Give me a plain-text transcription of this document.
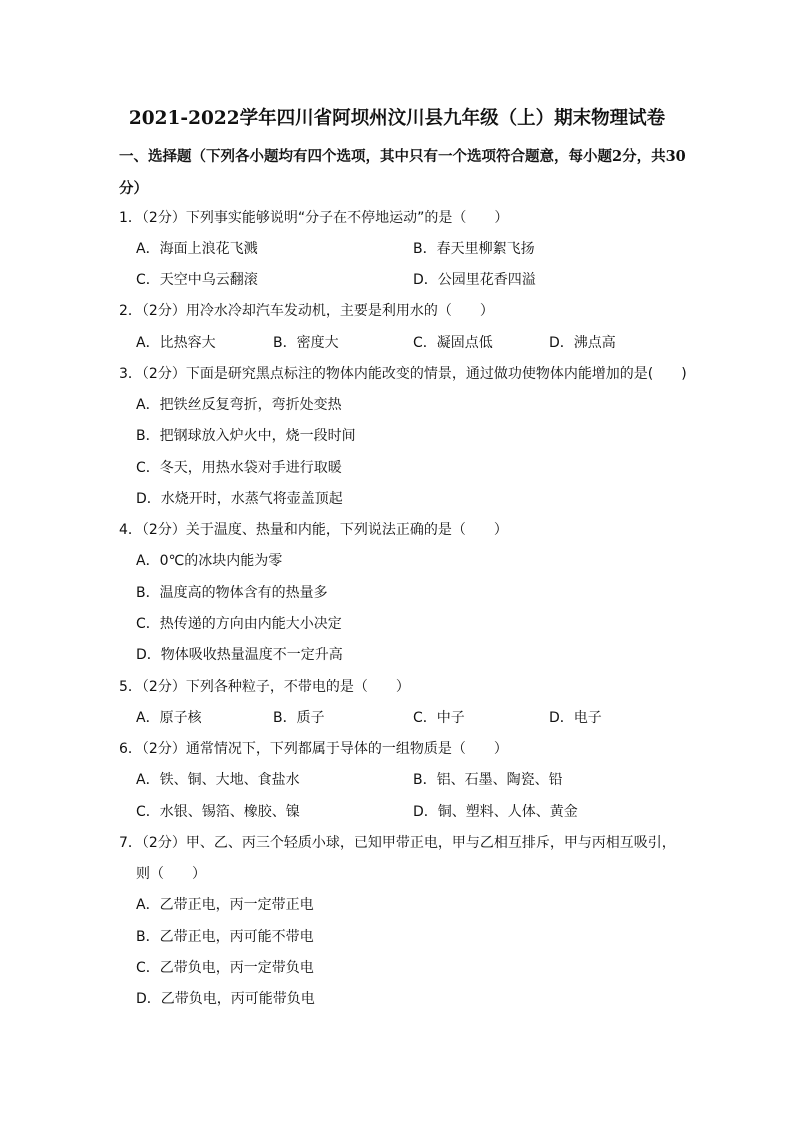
2021-2022学年四川省阿坝州汶川县九年级（上）期末物理试卷
一、选择题（下列各小题均有四个选项，其中只有一个选项符合题意，每小题2分，共30
分）
1．（2分）下列事实能够说明“分子在不停地运动”的是（　　）
A．海面上浪花飞溅	B．春天里柳絮飞扬
C．天空中乌云翻滚	D．公园里花香四溢
2．（2分）用冷水冷却汽车发动机，主要是利用水的（　　）
A．比热容大	B．密度大	C．凝固点低	D．沸点高
3．（2分）下面是研究黑点标注的物体内能改变的情景，通过做功使物体内能增加的是(　　)
A．把铁丝反复弯折，弯折处变热
B．把钢球放入炉火中，烧一段时间
C．冬天，用热水袋对手进行取暖
D．水烧开时，水蒸气将壶盖顶起
4．（2分）关于温度、热量和内能，下列说法正确的是（　　）
A．0℃的冰块内能为零
B．温度高的物体含有的热量多
C．热传递的方向由内能大小决定
D．物体吸收热量温度不一定升高
5．（2分）下列各种粒子，不带电的是（　　）
A．原子核	B．质子	C．中子	D．电子
6．（2分）通常情况下，下列都属于导体的一组物质是（　　）
A．铁、铜、大地、食盐水	B．铝、石墨、陶瓷、铅
C．水银、锡箔、橡胶、镍	D．铜、塑料、人体、黄金
7．（2分）甲、乙、丙三个轻质小球，已知甲带正电，甲与乙相互排斥，甲与丙相互吸引，
则（　　）
A．乙带正电，丙一定带正电
B．乙带正电，丙可能不带电
C．乙带负电，丙一定带负电
D．乙带负电，丙可能带负电
